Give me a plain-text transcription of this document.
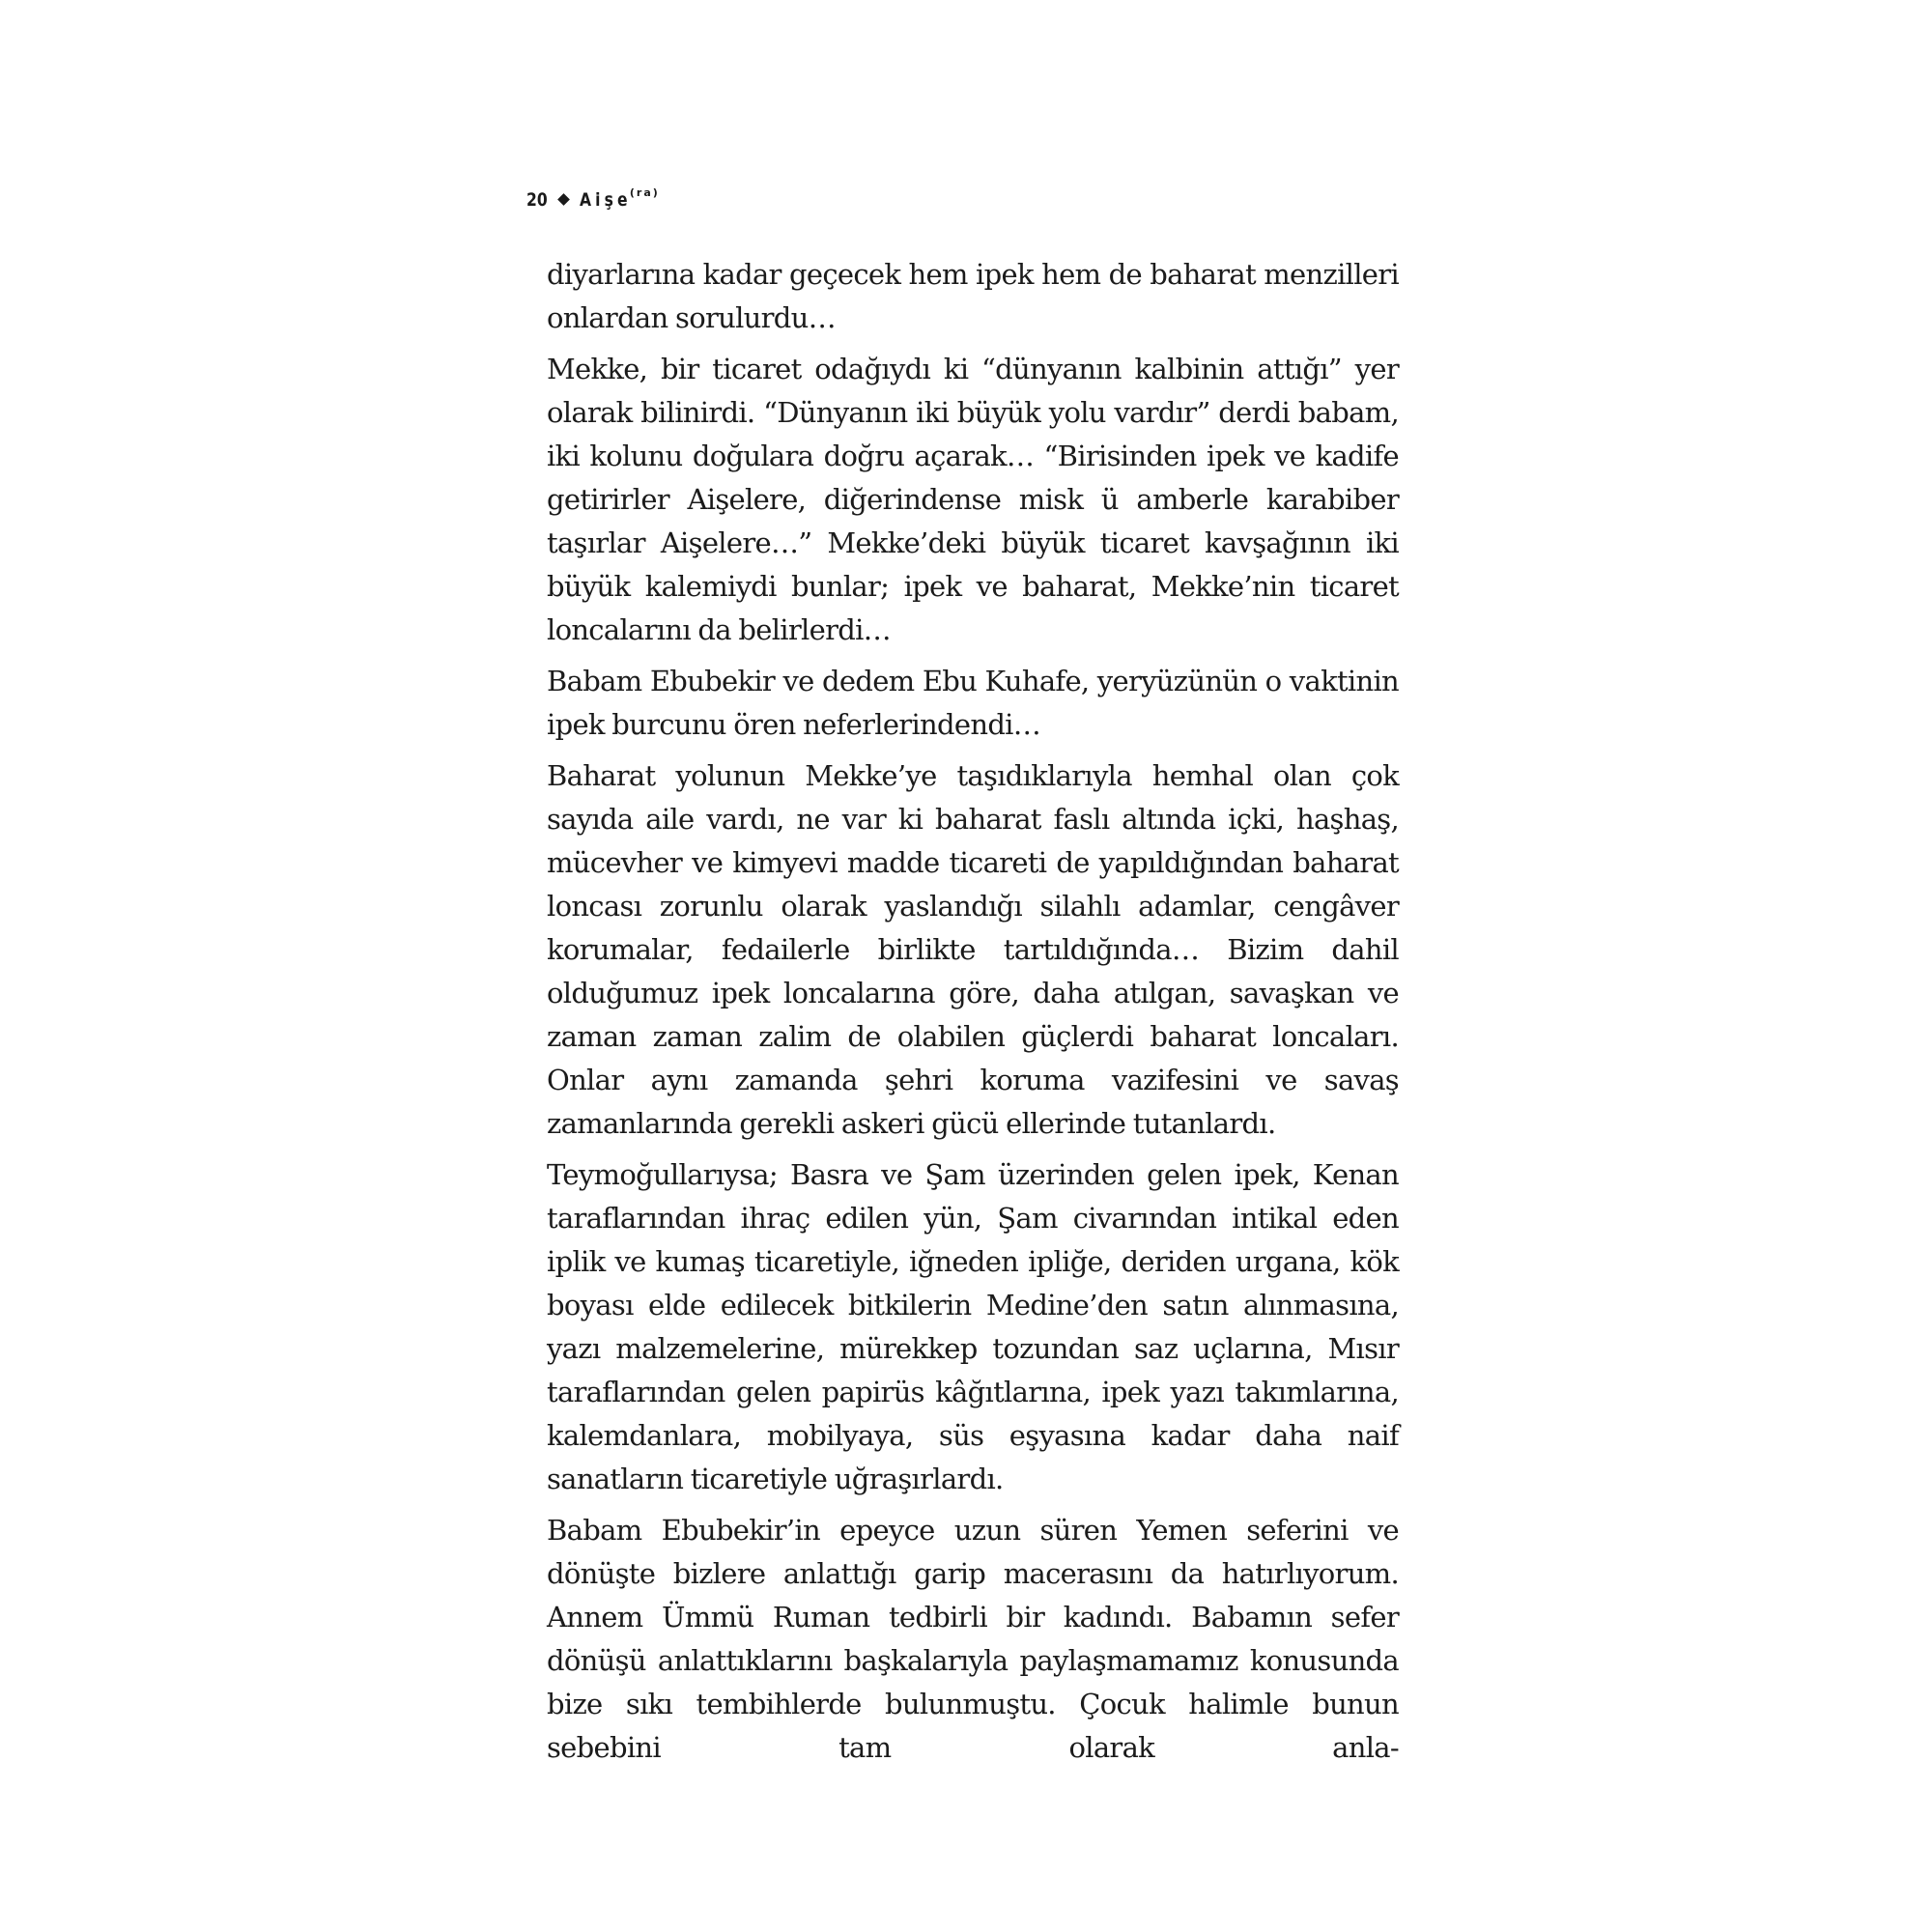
20 Aişe
(ra)

diyarlarına kadar geçecek hem ipek hem de baharat menzilleri onlardan sorulurdu…

Mekke, bir ticaret odağıydı ki “dünyanın kalbinin attığı” yer olarak bilinirdi. “Dünyanın iki büyük yolu vardır” derdi babam, iki kolunu doğulara doğru açarak… “Birisinden ipek ve kadife getirirler Aişelere, diğerindense misk ü amberle karabiber taşırlar Aişelere…” Mekke’deki büyük ticaret kavşağının iki büyük kalemiydi bunlar; ipek ve baharat, Mekke’nin ticaret loncalarını da belirlerdi…

Babam Ebubekir ve dedem Ebu Kuhafe, yeryüzünün o vaktinin ipek burcunu ören neferlerindendi…

Baharat yolunun Mekke’ye taşıdıklarıyla hemhal olan çok sayıda aile vardı, ne var ki baharat faslı altında içki, haşhaş, mücevher ve kimyevi madde ticareti de yapıldığından baharat loncası zorunlu olarak yaslandığı silahlı adamlar, cengâver korumalar, fedailerle birlikte tartıldığında… Bizim dahil olduğumuz ipek loncalarına göre, daha atılgan, savaşkan ve zaman zaman zalim de olabilen güçlerdi baharat loncaları. Onlar aynı zamanda şehri koruma vazifesini ve savaş zamanlarında gerekli askeri gücü ellerinde tutanlardı.

Teymoğullarıysa; Basra ve Şam üzerinden gelen ipek, Kenan taraflarından ihraç edilen yün, Şam civarından intikal eden iplik ve kumaş ticaretiyle, iğneden ipliğe, deriden urgana, kök boyası elde edilecek bitkilerin Medine’den satın alınmasına, yazı malzemelerine, mürekkep tozundan saz uçlarına, Mısır taraflarından gelen papirüs kâğıtlarına, ipek yazı takımlarına, kalemdanlara, mobilyaya, süs eşyasına kadar daha naif sanatların ticaretiyle uğraşırlardı.

Babam Ebubekir’in epeyce uzun süren Yemen seferini ve dönüşte bizlere anlattığı garip macerasını da hatırlıyorum. Annem Ümmü Ruman tedbirli bir kadındı. Babamın sefer dönüşü anlattıklarını başkalarıyla paylaşmamamız konusunda bize sıkı tembihlerde bulunmuştu. Çocuk halimle bunun sebebini tam olarak anla-
